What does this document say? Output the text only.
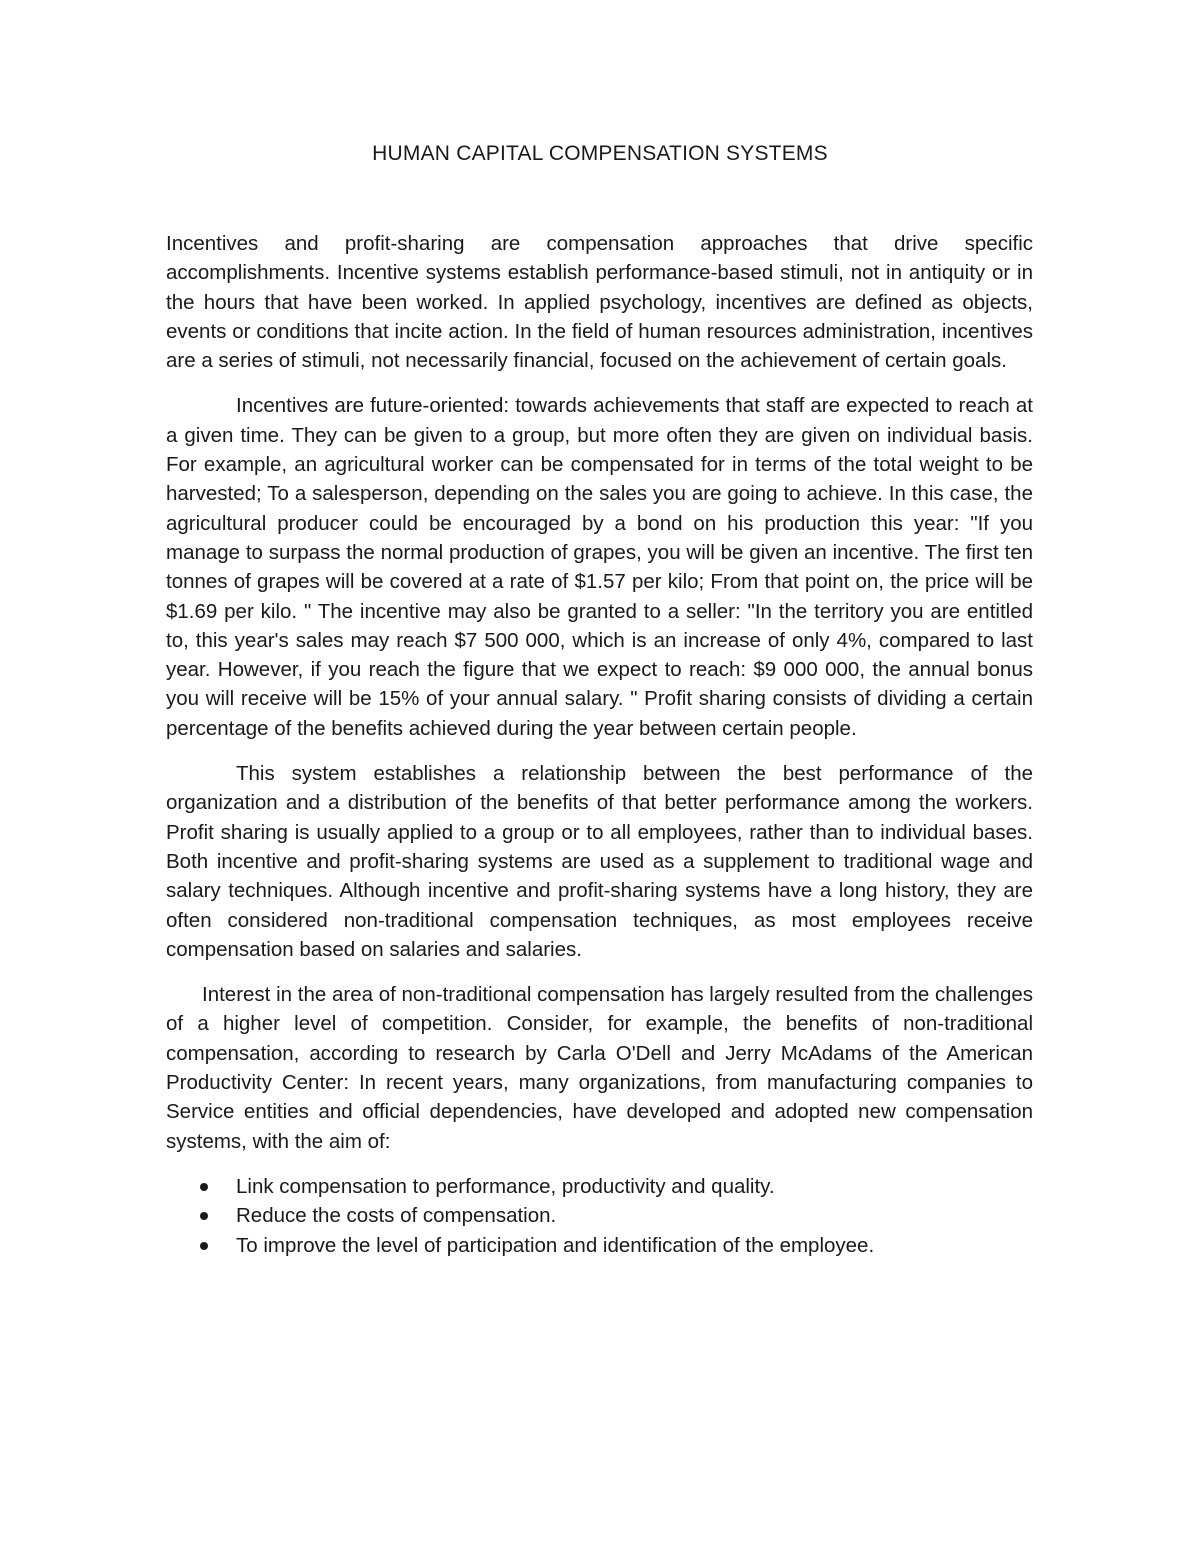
HUMAN CAPITAL COMPENSATION SYSTEMS

Incentives and profit-sharing are compensation approaches that drive specific accomplishments. Incentive systems establish performance-based stimuli, not in antiquity or in the hours that have been worked. In applied psychology, incentives are defined as objects, events or conditions that incite action. In the field of human resources administration, incentives are a series of stimuli, not necessarily financial, focused on the achievement of certain goals.

Incentives are future-oriented: towards achievements that staff are expected to reach at a given time. They can be given to a group, but more often they are given on individual basis. For example, an agricultural worker can be compensated for in terms of the total weight to be harvested; To a salesperson, depending on the sales you are going to achieve. In this case, the agricultural producer could be encouraged by a bond on his production this year: "If you manage to surpass the normal production of grapes, you will be given an incentive. The first ten tonnes of grapes will be covered at a rate of $1.57 per kilo; From that point on, the price will be $1.69 per kilo. " The incentive may also be granted to a seller: "In the territory you are entitled to, this year's sales may reach $7 500 000, which is an increase of only 4%, compared to last year. However, if you reach the figure that we expect to reach: $9 000 000, the annual bonus you will receive will be 15% of your annual salary. " Profit sharing consists of dividing a certain percentage of the benefits achieved during the year between certain people.

This system establishes a relationship between the best performance of the organization and a distribution of the benefits of that better performance among the workers. Profit sharing is usually applied to a group or to all employees, rather than to individual bases. Both incentive and profit-sharing systems are used as a supplement to traditional wage and salary techniques. Although incentive and profit-sharing systems have a long history, they are often considered non-traditional compensation techniques, as most employees receive compensation based on salaries and salaries.

Interest in the area of non-traditional compensation has largely resulted from the challenges of a higher level of competition. Consider, for example, the benefits of non-traditional compensation, according to research by Carla O'Dell and Jerry McAdams of the American Productivity Center: In recent years, many organizations, from manufacturing companies to Service entities and official dependencies, have developed and adopted new compensation systems, with the aim of:

Link compensation to performance, productivity and quality.
Reduce the costs of compensation.
To improve the level of participation and identification of the employee.
